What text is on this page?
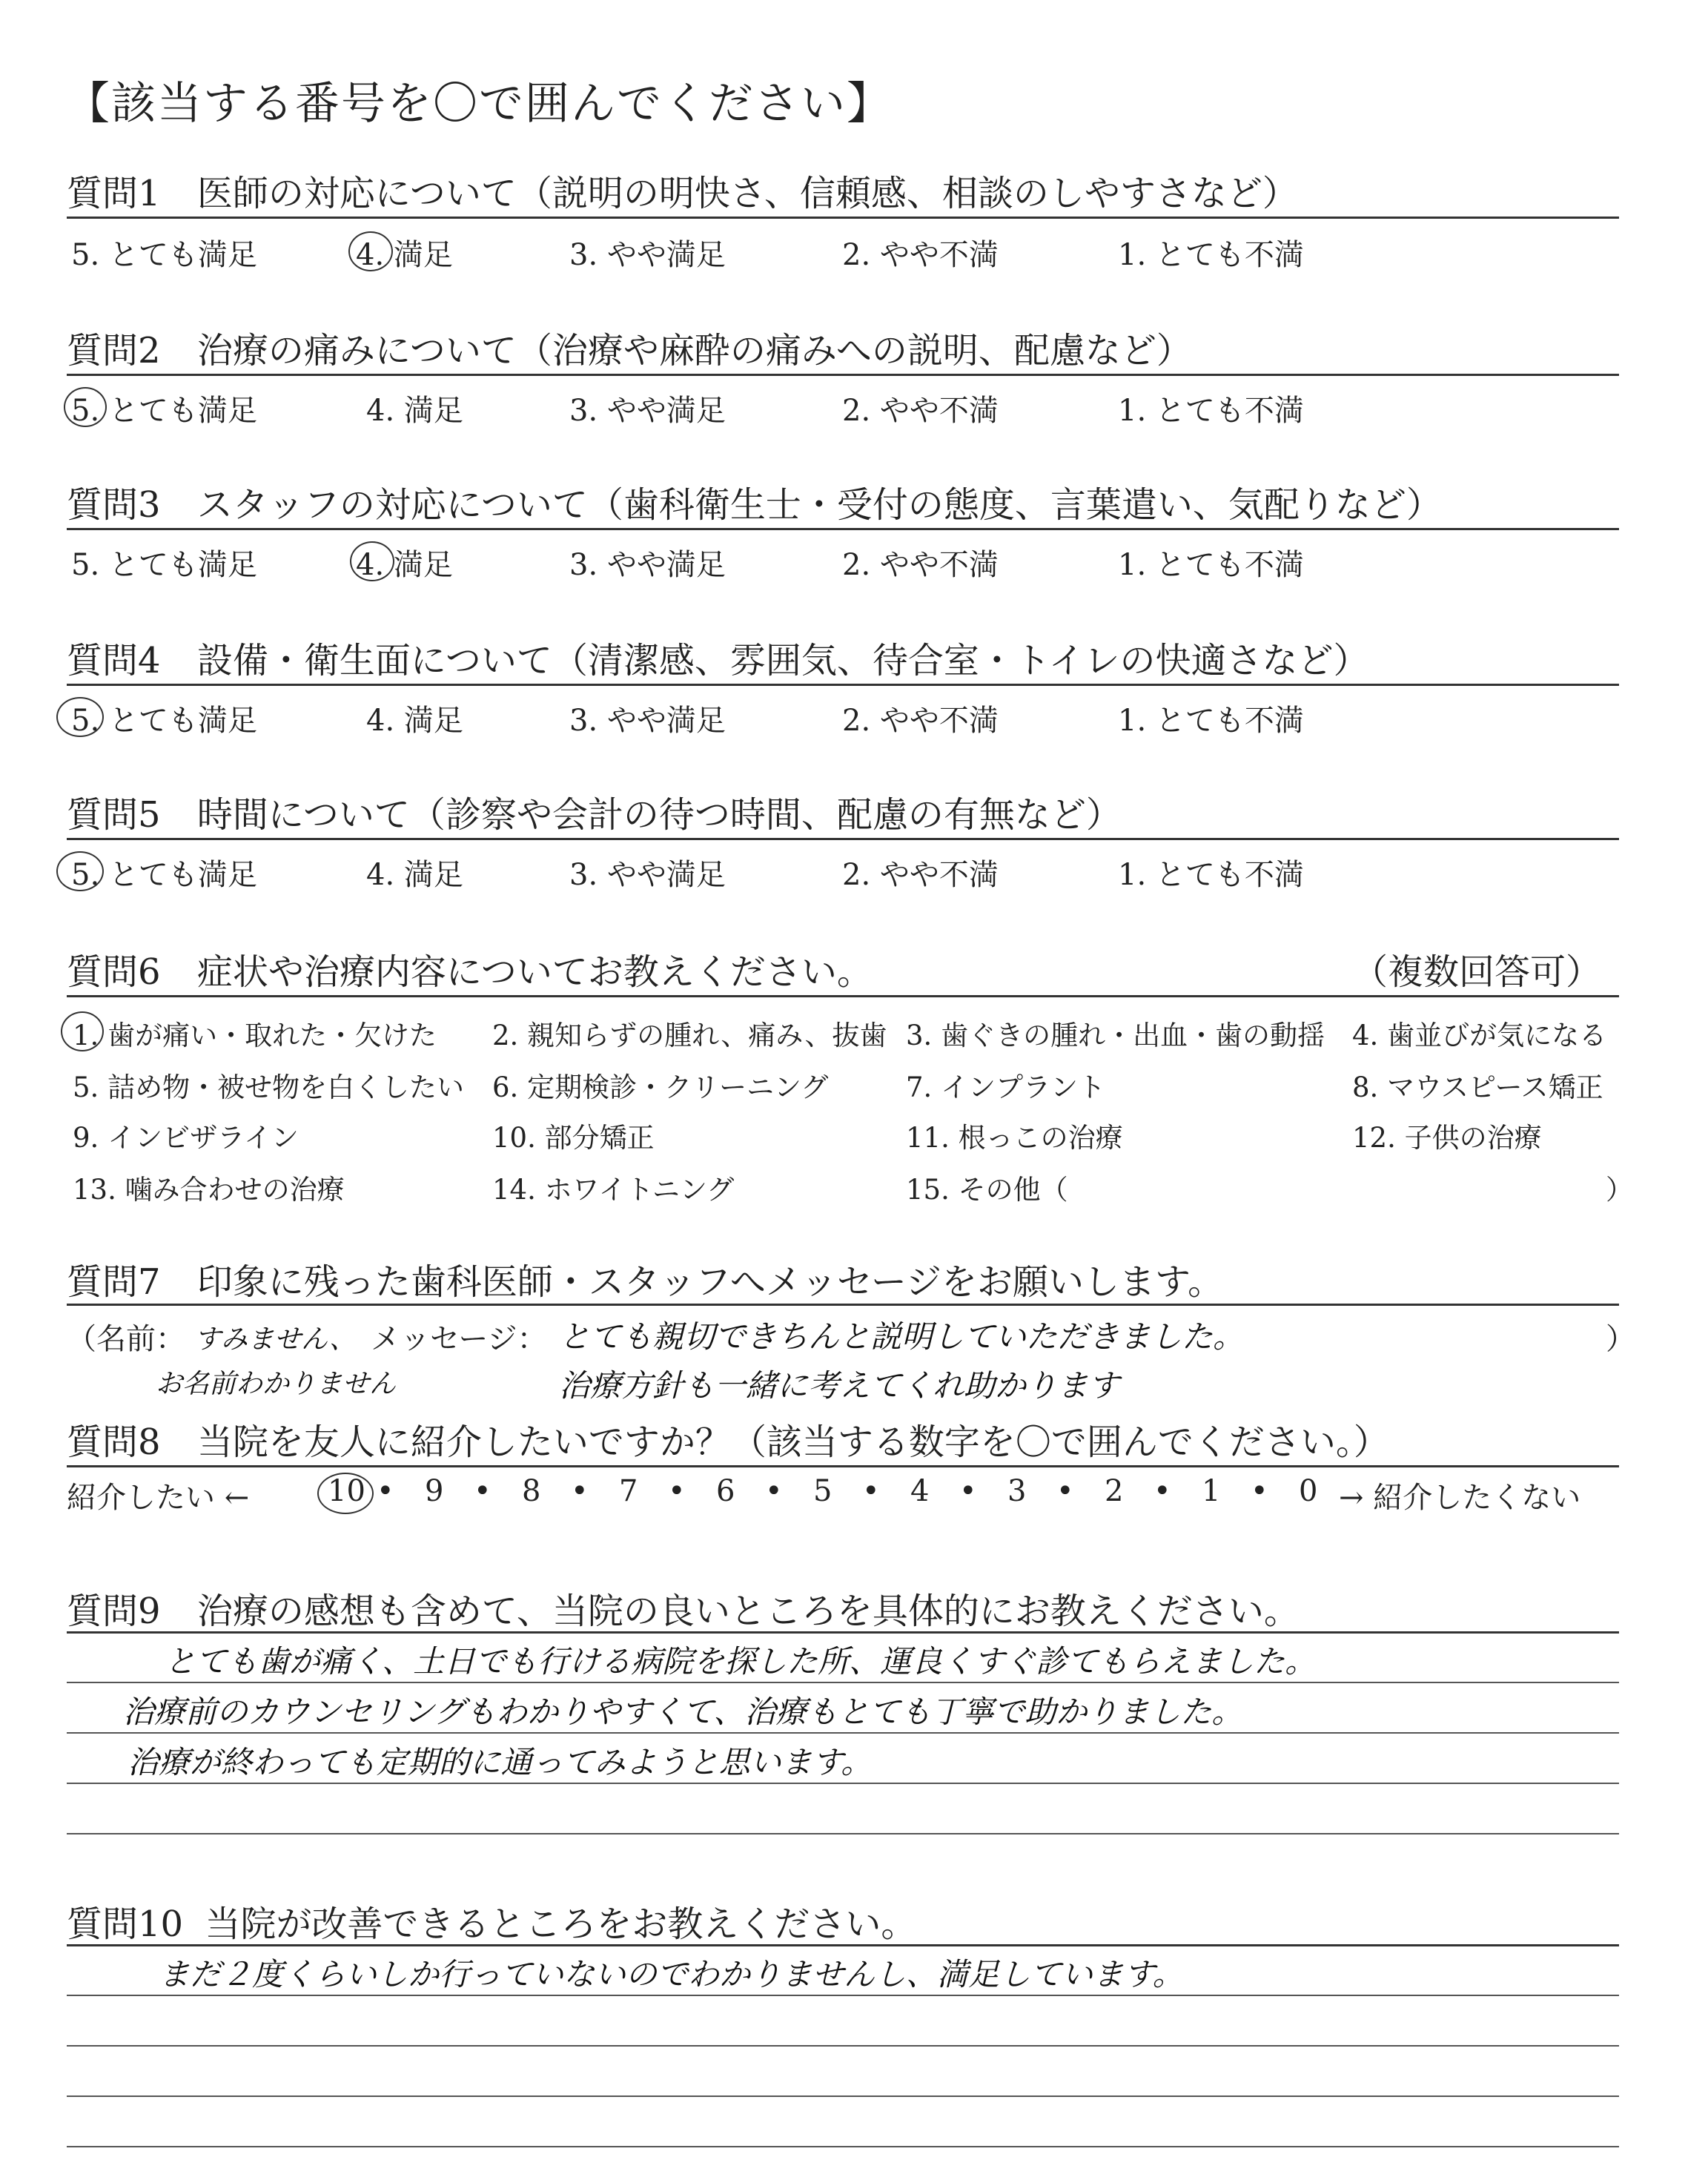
【該当する番号を〇で囲んでください】
質問1 医師の対応について（説明の明快さ、信頼感、相談のしやすさなど）
5. とても満足	4. 満足	3. やや満足	2. やや不満	1. とても不満
質問2 治療の痛みについて（治療や麻酔の痛みへの説明、配慮など）
5. とても満足	4. 満足	3. やや満足	2. やや不満	1. とても不満
質問3 スタッフの対応について（歯科衛生士・受付の態度、言葉遣い、気配りなど）
5. とても満足	4. 満足	3. やや満足	2. やや不満	1. とても不満
質問4 設備・衛生面について（清潔感、雰囲気、待合室・トイレの快適さなど）
5. とても満足	4. 満足	3. やや満足	2. やや不満	1. とても不満
質問5 時間について（診察や会計の待つ時間、配慮の有無など）
5. とても満足	4. 満足	3. やや満足	2. やや不満	1. とても不満
質問6 症状や治療内容についてお教えください。	（複数回答可）
1. 歯が痛い・取れた・欠けた 2. 親知らずの腫れ、痛み、抜歯 3. 歯ぐきの腫れ・出血・歯の動揺 4. 歯並びが気になる
5. 詰め物・被せ物を白くしたい 6. 定期検診・クリーニング	7. インプラント	8. マウスピース矯正
9. インビザライン	10. 部分矯正	11. 根っこの治療	12. 子供の治療
13. 噛み合わせの治療	14. ホワイトニング	15. その他（	）
質問7 印象に残った歯科医師・スタッフへメッセージをお願いします。
（名前： すみません、
お名前わかりません
メッセージ： とても親切できちんと説明していただきました。
治療方針も一緒に考えてくれ助かります
）
質問8 当院を友人に紹介したいですか？（該当する数字を〇で囲んでください。）
紹介したい ←	→ 紹介したくない
10 • 9 • 8 • 7 • 6 • 5 • 4 • 3 • 2 • 1 • 0
質問9 治療の感想も含めて、当院の良いところを具体的にお教えください。
とても歯が痛く、土日でも行ける病院を探した所、運良くすぐ診てもらえました。
治療前のカウンセリングもわかりやすくて、治療もとても丁寧で助かりました。
治療が終わっても定期的に通ってみようと思います。
質問10 当院が改善できるところをお教えください。
まだ２度くらいしか行っていないのでわかりませんし、満足しています。
